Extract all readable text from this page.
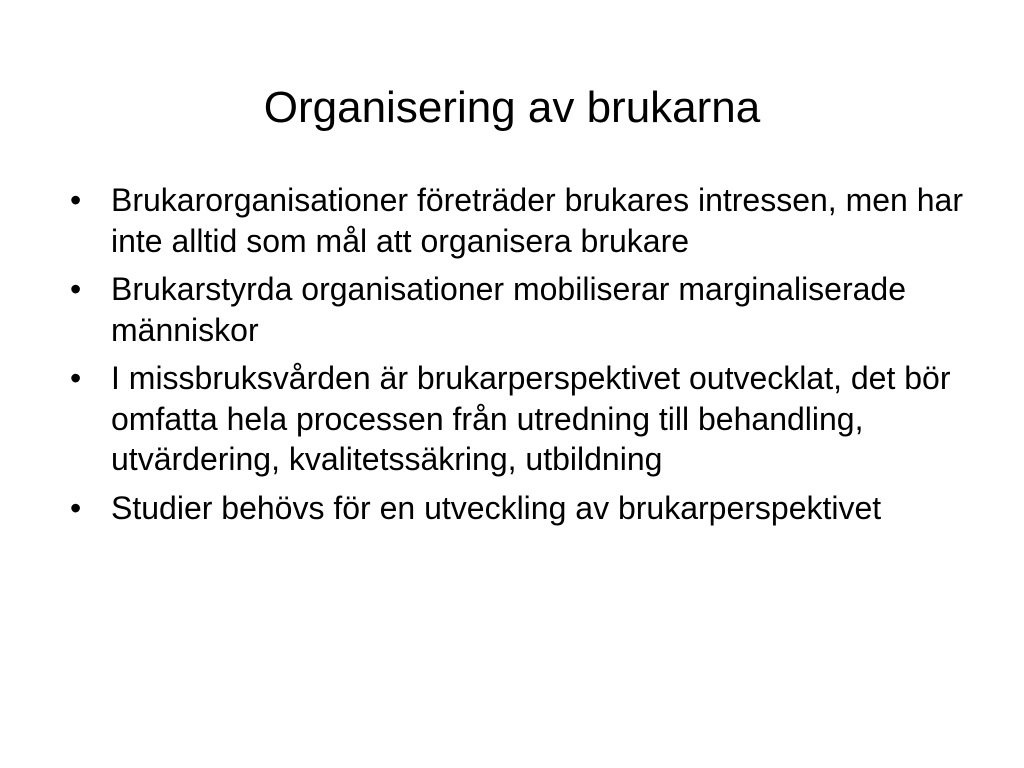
Organisering av brukarna
• Brukarorganisationer företräder brukares intressen, men har inte alltid som mål att organisera brukare
• Brukarstyrda organisationer mobiliserar marginaliserade människor
• I missbruksvården är brukarperspektivet outvecklat, det bör omfatta hela processen från utredning till behandling, utvärdering, kvalitetssäkring, utbildning
• Studier behövs för en utveckling av brukarperspektivet
